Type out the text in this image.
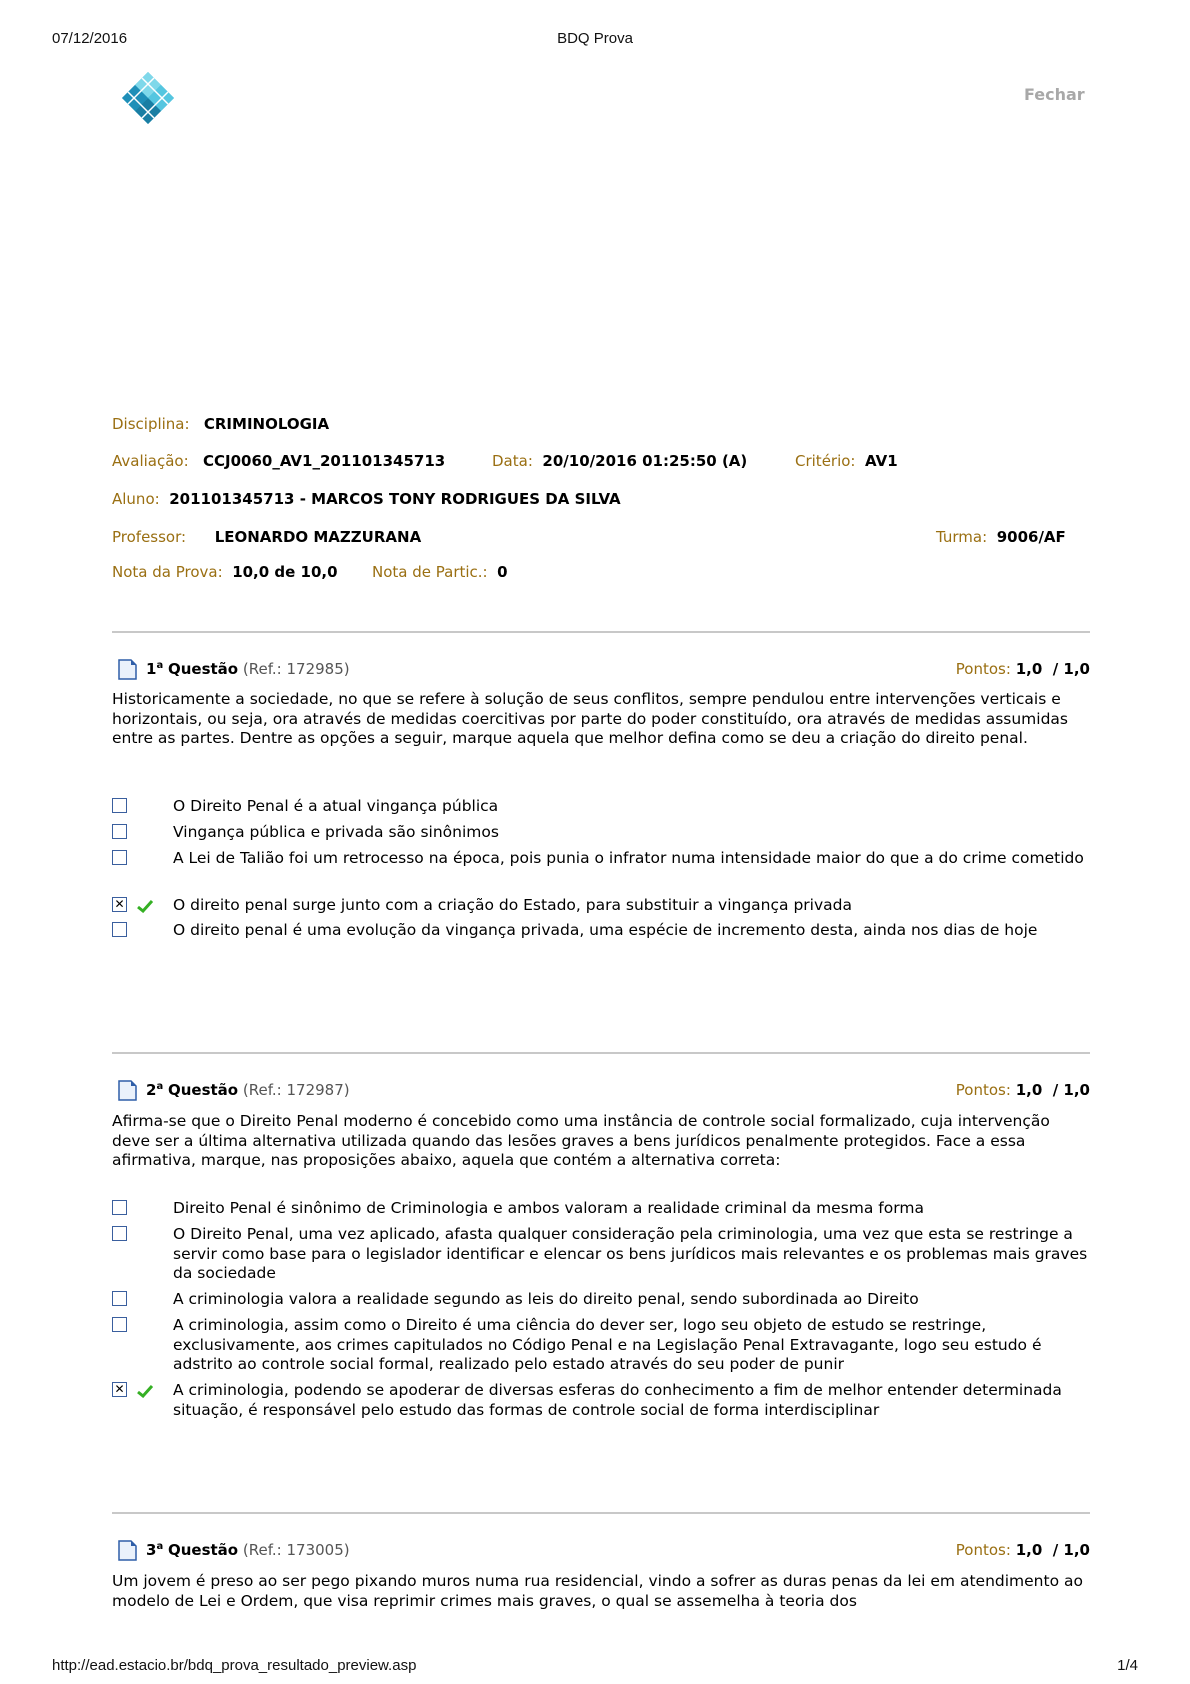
07/12/2016	BDQ Prova
Fechar
Disciplina: CRIMINOLOGIA
Avaliação: CCJ0060_AV1_201101345713	Data: 20/10/2016 01:25:50 (A)	Critério: AV1
Aluno: 201101345713 - MARCOS TONY RODRIGUES DA SILVA
Professor: LEONARDO MAZZURANA	Turma: 9006/AF
Nota da Prova: 10,0 de 10,0 Nota de Partic.: 0
1$^a$ Questão (Ref.: 172985)	Pontos: 1,0  / 1,0
Historicamente a sociedade, no que se refere à solução de seus conflitos, sempre pendulou entre intervenções verticais e horizontais, ou seja, ora através de medidas coercitivas por parte do poder constituído, ora através de medidas assumidas entre as partes. Dentre as opções a seguir, marque aquela que melhor defina como se deu a criação do direito penal.
O Direito Penal é a atual vingança pública
Vingança pública e privada são sinônimos
A Lei de Talião foi um retrocesso na época, pois punia o infrator numa intensidade maior do que a do crime cometido
✕	O direito penal surge junto com a criação do Estado, para substituir a vingança privada
O direito penal é uma evolução da vingança privada, uma espécie de incremento desta, ainda nos dias de hoje
2$^a$ Questão (Ref.: 172987)	Pontos: 1,0  / 1,0
Afirma-se que o Direito Penal moderno é concebido como uma instância de controle social formalizado, cuja intervenção deve ser a última alternativa utilizada quando das lesões graves a bens jurídicos penalmente protegidos. Face a essa afirmativa, marque, nas proposições abaixo, aquela que contém a alternativa correta:
Direito Penal é sinônimo de Criminologia e ambos valoram a realidade criminal da mesma forma
O Direito Penal, uma vez aplicado, afasta qualquer consideração pela criminologia, uma vez que esta se restringe a servir como base para o legislador identificar e elencar os bens jurídicos mais relevantes e os problemas mais graves da sociedade
A criminologia valora a realidade segundo as leis do direito penal, sendo subordinada ao Direito
A criminologia, assim como o Direito é uma ciência do dever ser, logo seu objeto de estudo se restringe, exclusivamente, aos crimes capitulados no Código Penal e na Legislação Penal Extravagante, logo seu estudo é adstrito ao controle social formal, realizado pelo estado através do seu poder de punir
✕	A criminologia, podendo se apoderar de diversas esferas do conhecimento a fim de melhor entender determinada situação, é responsável pelo estudo das formas de controle social de forma interdisciplinar
3$^a$ Questão (Ref.: 173005)	Pontos: 1,0  / 1,0
Um jovem é preso ao ser pego pixando muros numa rua residencial, vindo a sofrer as duras penas da lei em atendimento ao modelo de Lei e Ordem, que visa reprimir crimes mais graves, o qual se assemelha à teoria dos
http://ead.estacio.br/bdq_prova_resultado_preview.asp	1/4
